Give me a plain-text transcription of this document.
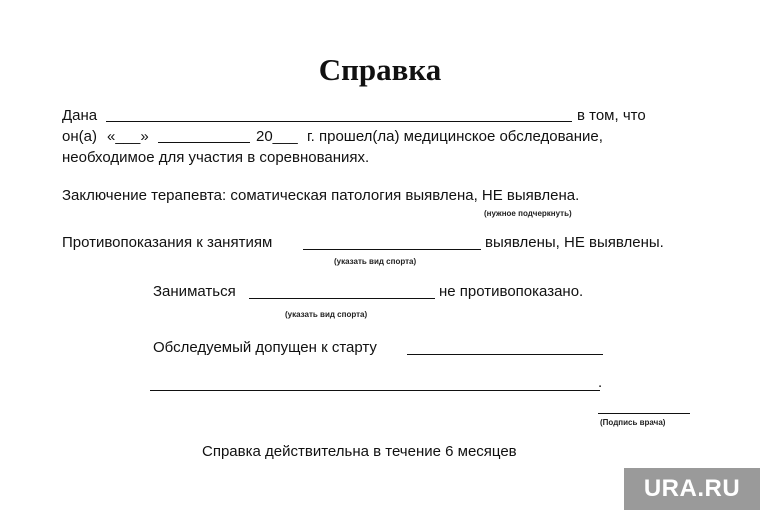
Справка
Дана	в том, что
он(а) «___»	20___ г. прошел(ла) медицинское обследование,
необходимое для участия в соревнованиях.
Заключение терапевта: соматическая патология выявлена, НЕ выявлена.
(нужное подчеркнуть)
Противопоказания к занятиям	выявлены, НЕ выявлены.
(указать вид спорта)
Заниматься	не противопоказано.
(указать вид спорта)
Обследуемый допущен к старту
.
(Подпись врача)
Справка действительна в течение 6 месяцев
URA.RU
